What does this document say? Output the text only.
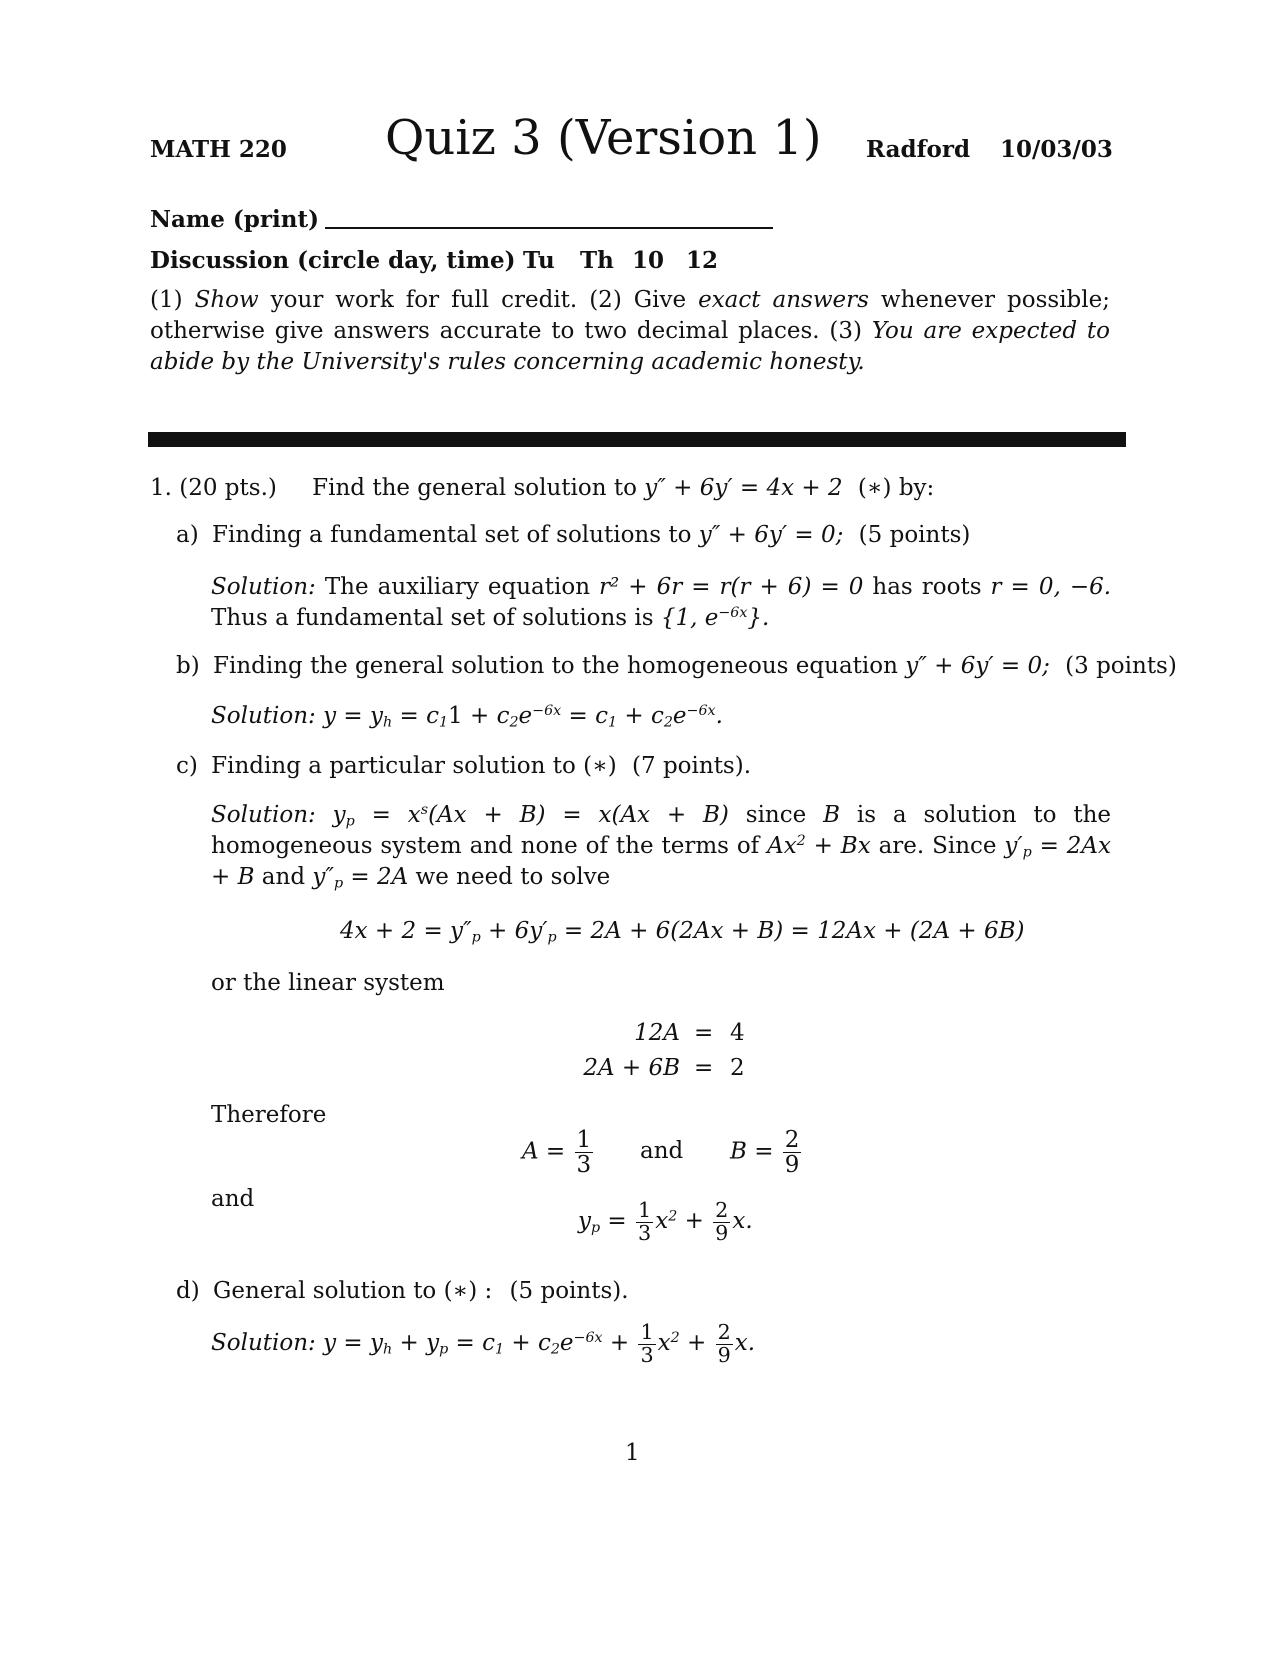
MATH 220 Quiz 3 (Version 1) Radford 10/03/03
Name (print)
Discussion (circle day, time) Tu Th 10 12
(1) Show your work for full credit. (2) Give exact answers whenever possible; otherwise give answers accurate to two decimal places. (3) You are expected to abide by the University's rules concerning academic honesty.
1. (20 pts.) Find the general solution to y″ + 6y′ = 4x + 2 (∗) by:
a) Finding a fundamental set of solutions to y″ + 6y′ = 0; (5 points)
Solution: The auxiliary equation r² + 6r = r(r + 6) = 0 has roots r = 0, −6. Thus a fundamental set of solutions is {1, $e^{-6x}$}.
b) Finding the general solution to the homogeneous equation y″ + 6y′ = 0; (3 points)
Solution: $y = y_h = c_11 + c_2e^{-6x} = c_1 + c_2e^{-6x}$.
c) Finding a particular solution to (∗) (7 points).
Solution: $y_p = x^s(Ax + B) = x(Ax + B)$ since B is a solution to the homogeneous system and none of the terms of $Ax^2 + Bx$ are. Since $y'_p = 2Ax + B$ and $y''_p = 2A$ we need to solve
$4x + 2 = y''_p + 6y'_p = 2A + 6(2Ax + B) = 12Ax + (2A + 6B)$
or the linear system
12A = 4
2A + 6B = 2
Therefore
$A = \frac{1}{3}$ and $B = \frac{2}{9}$
and
$y_p = \frac{1}{3} x^2 + \frac{2}{9} x$.
d) General solution to (∗) : (5 points).
Solution: $y = y_h + y_p = c_1 + c_2e^{-6x} + \frac{1}{3} x^2 + \frac{2}{9} x$.
1
